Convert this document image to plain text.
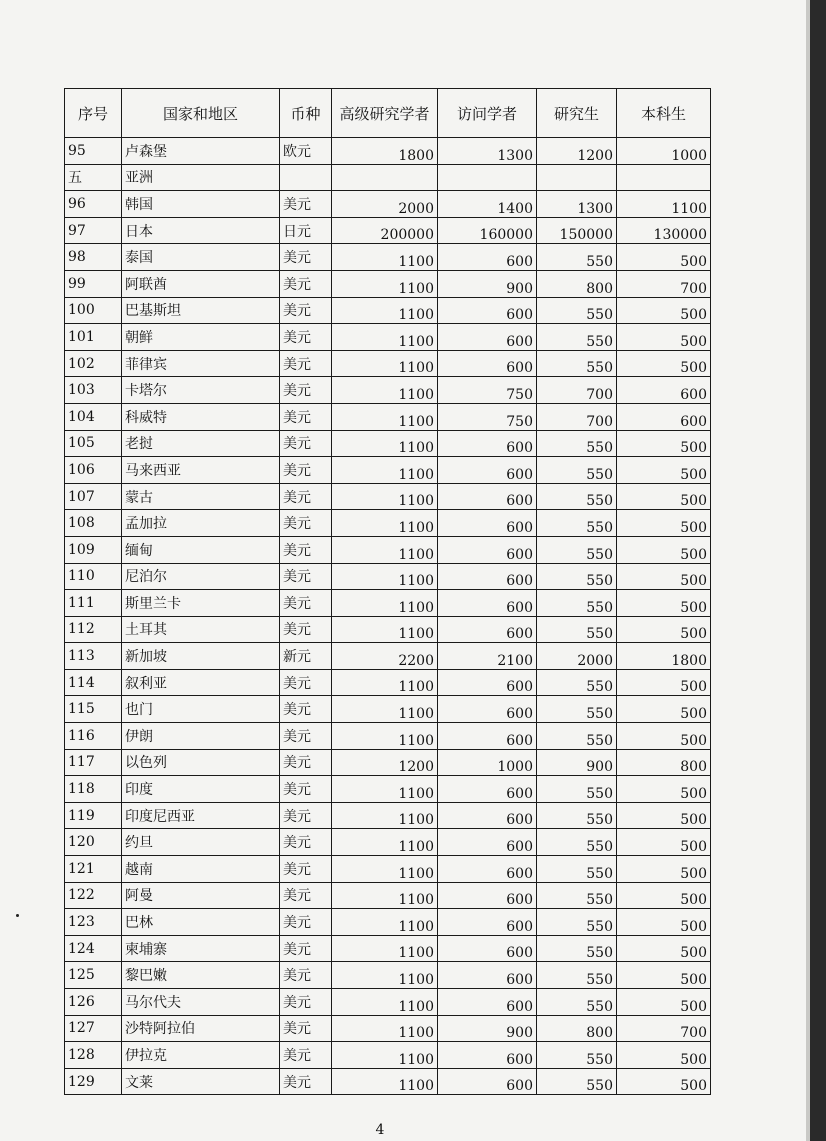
序号	国家和地区	币种	高级研究学者	访问学者	研究生	本科生
95	卢森堡	欧元	1800	1300	1200	1000
五	亚洲					
96	韩国	美元	2000	1400	1300	1100
97	日本	日元	200000	160000	150000	130000
98	泰国	美元	1100	600	550	500
99	阿联酋	美元	1100	900	800	700
100	巴基斯坦	美元	1100	600	550	500
101	朝鲜	美元	1100	600	550	500
102	菲律宾	美元	1100	600	550	500
103	卡塔尔	美元	1100	750	700	600
104	科威特	美元	1100	750	700	600
105	老挝	美元	1100	600	550	500
106	马来西亚	美元	1100	600	550	500
107	蒙古	美元	1100	600	550	500
108	孟加拉	美元	1100	600	550	500
109	缅甸	美元	1100	600	550	500
110	尼泊尔	美元	1100	600	550	500
111	斯里兰卡	美元	1100	600	550	500
112	土耳其	美元	1100	600	550	500
113	新加坡	新元	2200	2100	2000	1800
114	叙利亚	美元	1100	600	550	500
115	也门	美元	1100	600	550	500
116	伊朗	美元	1100	600	550	500
117	以色列	美元	1200	1000	900	800
118	印度	美元	1100	600	550	500
119	印度尼西亚	美元	1100	600	550	500
120	约旦	美元	1100	600	550	500
121	越南	美元	1100	600	550	500
122	阿曼	美元	1100	600	550	500
123	巴林	美元	1100	600	550	500
124	柬埔寨	美元	1100	600	550	500
125	黎巴嫩	美元	1100	600	550	500
126	马尔代夫	美元	1100	600	550	500
127	沙特阿拉伯	美元	1100	900	800	700
128	伊拉克	美元	1100	600	550	500
129	文莱	美元	1100	600	550	500
4
